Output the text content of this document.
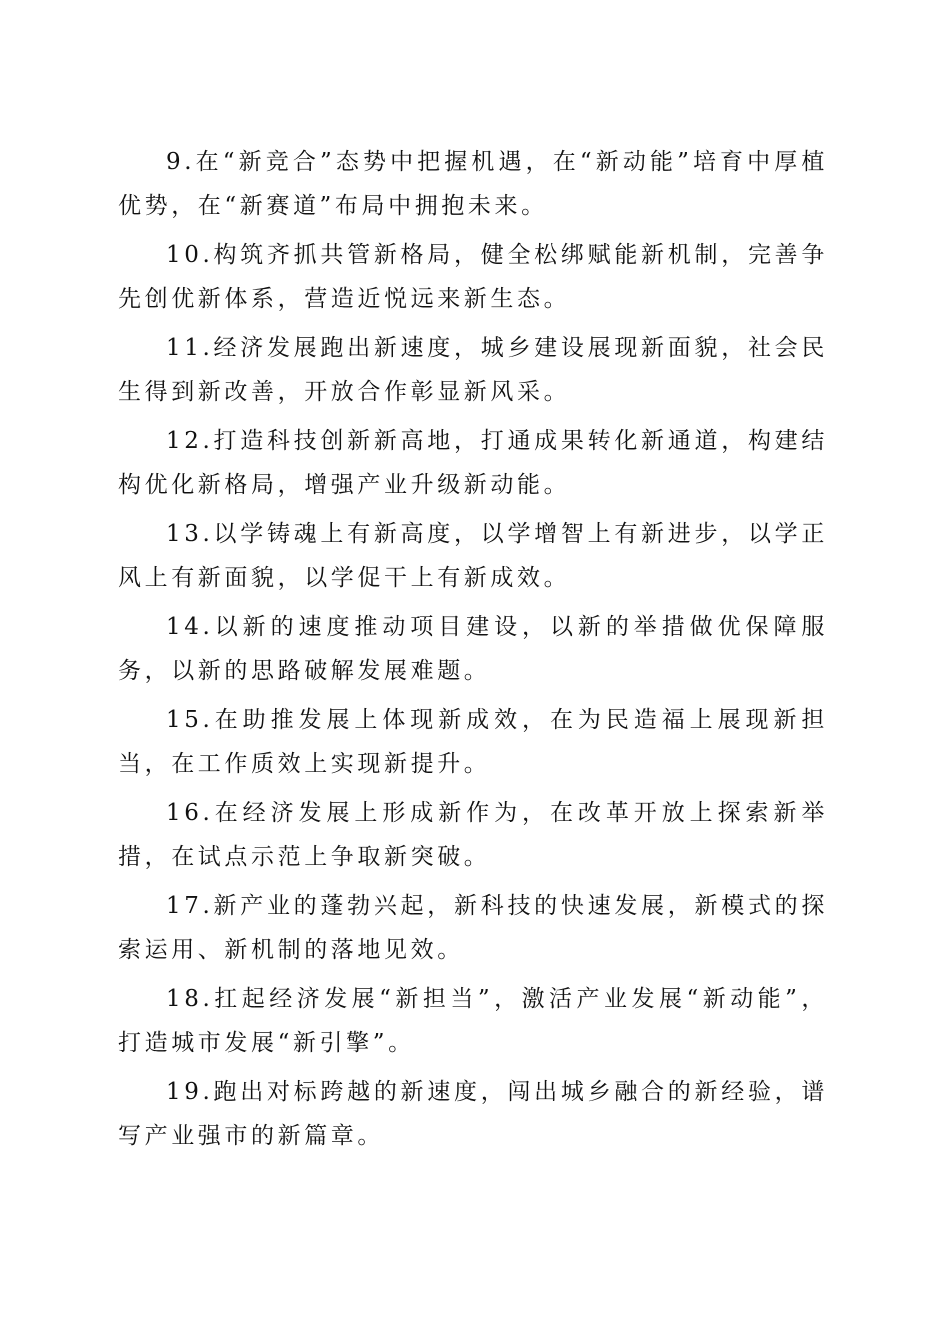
9.在“新竞合”态势中把握机遇，在“新动能”培育中厚植优势，在“新赛道”布局中拥抱未来。

10.构筑齐抓共管新格局，健全松绑赋能新机制，完善争先创优新体系，营造近悦远来新生态。

11.经济发展跑出新速度，城乡建设展现新面貌，社会民生得到新改善，开放合作彰显新风采。

12.打造科技创新新高地，打通成果转化新通道，构建结构优化新格局，增强产业升级新动能。

13.以学铸魂上有新高度，以学增智上有新进步，以学正风上有新面貌，以学促干上有新成效。

14.以新的速度推动项目建设，以新的举措做优保障服务，以新的思路破解发展难题。

15.在助推发展上体现新成效，在为民造福上展现新担当，在工作质效上实现新提升。

16.在经济发展上形成新作为，在改革开放上探索新举措，在试点示范上争取新突破。

17.新产业的蓬勃兴起，新科技的快速发展，新模式的探索运用、新机制的落地见效。

18.扛起经济发展“新担当”，激活产业发展“新动能”，打造城市发展“新引擎”。

19.跑出对标跨越的新速度，闯出城乡融合的新经验，谱写产业强市的新篇章。
